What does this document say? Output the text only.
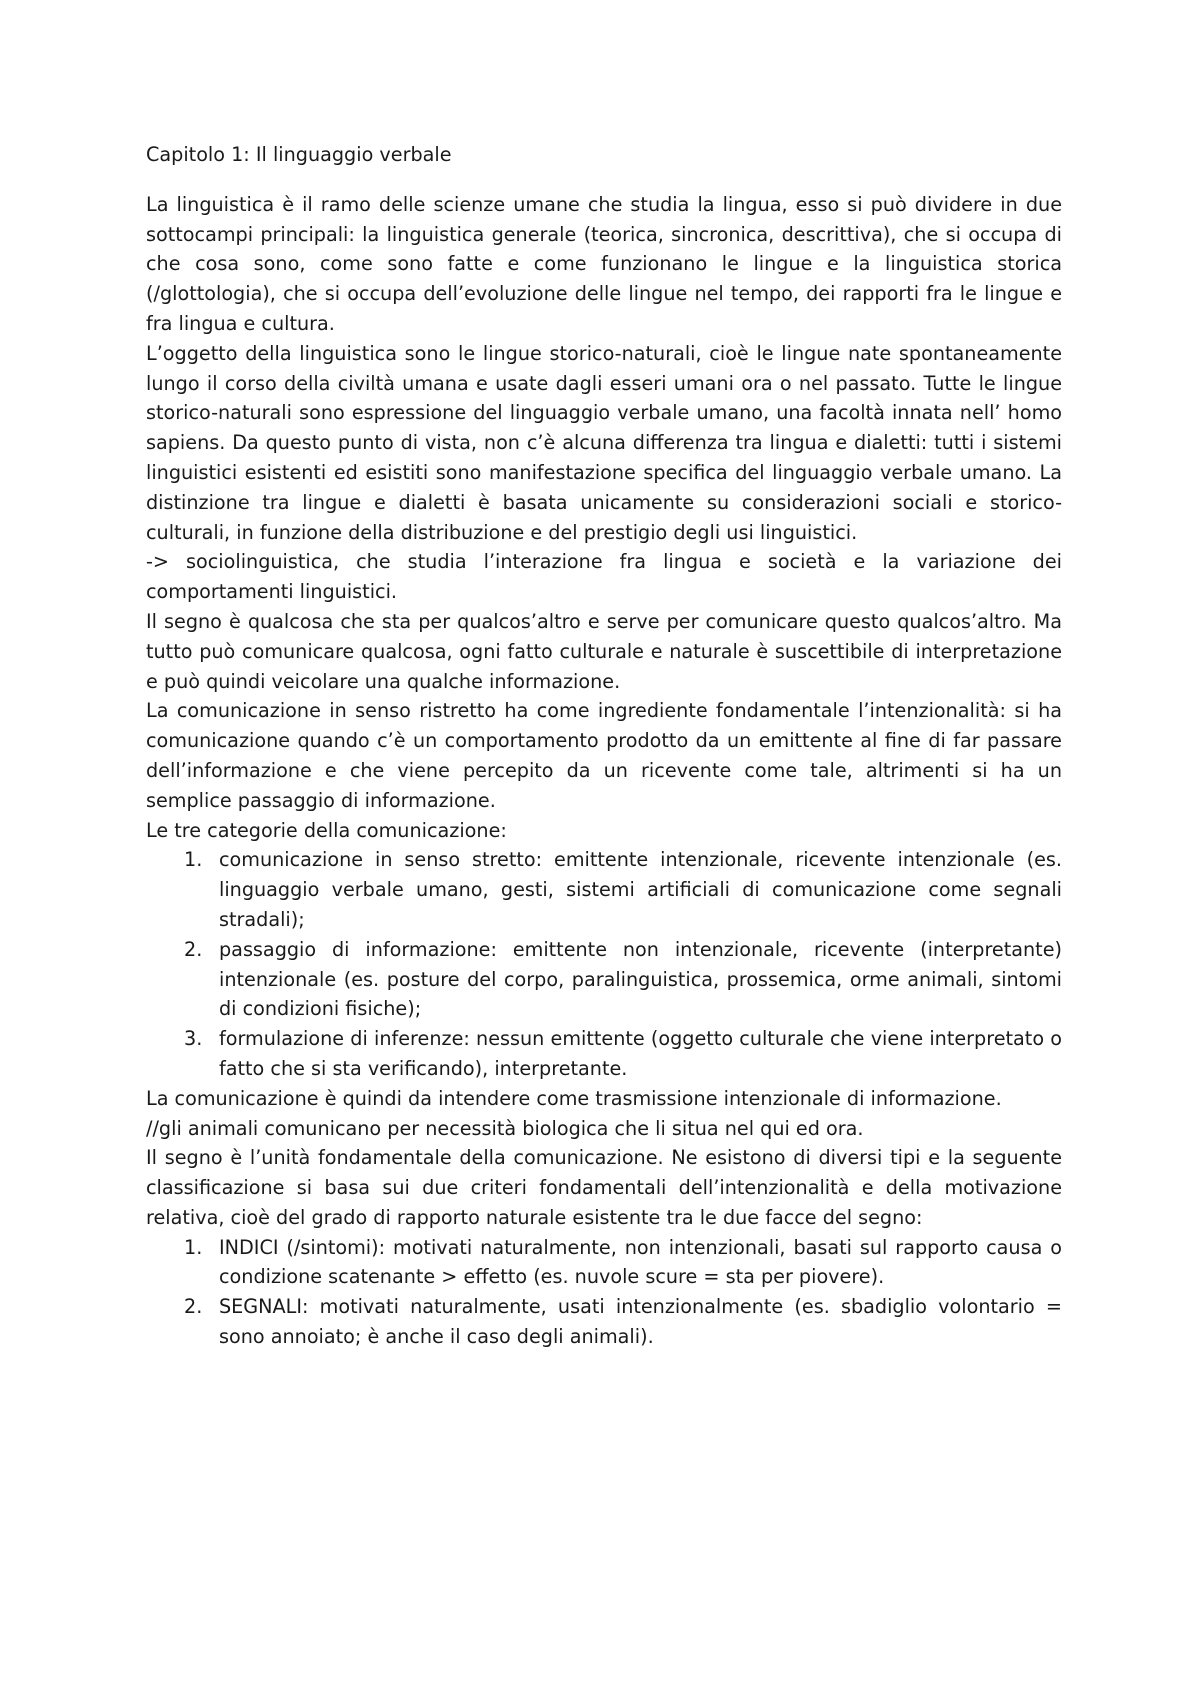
Capitolo 1: Il linguaggio verbale

La linguistica è il ramo delle scienze umane che studia la lingua, esso si può dividere in due sottocampi principali: la linguistica generale (teorica, sincronica, descrittiva), che si occupa di che cosa sono, come sono fatte e come funzionano le lingue e la linguistica storica (/glottologia), che si occupa dell’evoluzione delle lingue nel tempo, dei rapporti fra le lingue e fra lingua e cultura.

L’oggetto della linguistica sono le lingue storico-naturali, cioè le lingue nate spontaneamente lungo il corso della civiltà umana e usate dagli esseri umani ora o nel passato. Tutte le lingue storico-naturali sono espressione del linguaggio verbale umano, una facoltà innata nell’ homo sapiens. Da questo punto di vista, non c’è alcuna differenza tra lingua e dialetti: tutti i sistemi linguistici esistenti ed esistiti sono manifestazione specifica del linguaggio verbale umano. La distinzione tra lingue e dialetti è basata unicamente su considerazioni sociali e storico-culturali, in funzione della distribuzione e del prestigio degli usi linguistici.

-> sociolinguistica, che studia l’interazione fra lingua e società e la variazione dei comportamenti linguistici.

Il segno è qualcosa che sta per qualcos’altro e serve per comunicare questo qualcos’altro. Ma tutto può comunicare qualcosa, ogni fatto culturale e naturale è suscettibile di interpretazione e può quindi veicolare una qualche informazione.

La comunicazione in senso ristretto ha come ingrediente fondamentale l’intenzionalità: si ha comunicazione quando c’è un comportamento prodotto da un emittente al fine di far passare dell’informazione e che viene percepito da un ricevente come tale, altrimenti si ha un semplice passaggio di informazione.

Le tre categorie della comunicazione:

1. comunicazione in senso stretto: emittente intenzionale, ricevente intenzionale (es. linguaggio verbale umano, gesti, sistemi artificiali di comunicazione come segnali stradali);
2. passaggio di informazione: emittente non intenzionale, ricevente (interpretante) intenzionale (es. posture del corpo, paralinguistica, prossemica, orme animali, sintomi di condizioni fisiche);
3. formulazione di inferenze: nessun emittente (oggetto culturale che viene interpretato o fatto che si sta verificando), interpretante.

La comunicazione è quindi da intendere come trasmissione intenzionale di informazione.

//gli animali comunicano per necessità biologica che li situa nel qui ed ora.

Il segno è l’unità fondamentale della comunicazione. Ne esistono di diversi tipi e la seguente classificazione si basa sui due criteri fondamentali dell’intenzionalità e della motivazione relativa, cioè del grado di rapporto naturale esistente tra le due facce del segno:

1. INDICI (/sintomi): motivati naturalmente, non intenzionali, basati sul rapporto causa o condizione scatenante > effetto (es. nuvole scure = sta per piovere).
2. SEGNALI: motivati naturalmente, usati intenzionalmente (es. sbadiglio volontario = sono annoiato; è anche il caso degli animali).
